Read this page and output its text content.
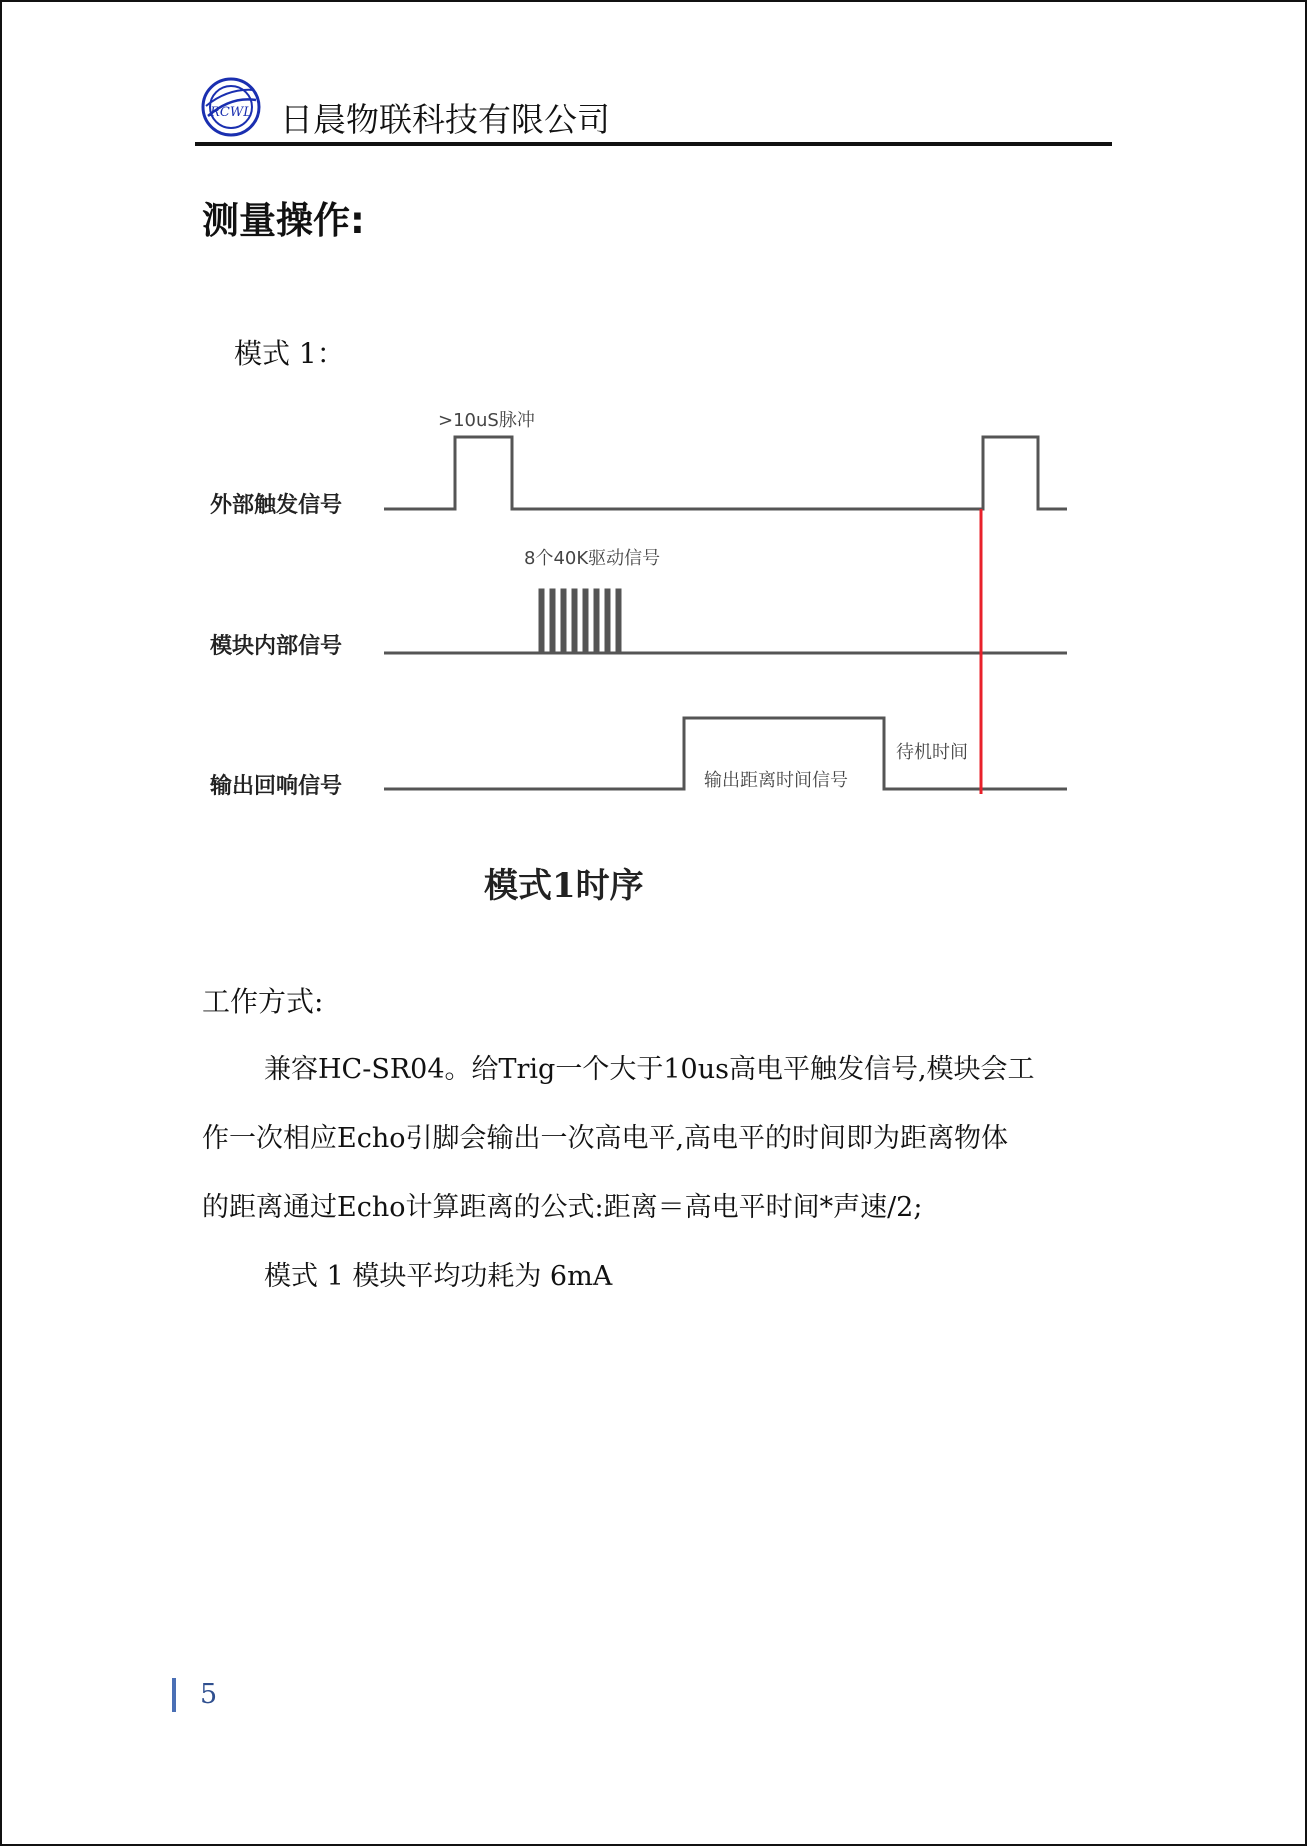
RCWL 日晨物联科技有限公司
测量操作:
模式 1：
外部触发信号
模块内部信号
输出回响信号
>10uS脉冲
8个40K驱动信号
输出距离时间信号
待机时间
模式1时序
工作方式:
兼容HC-SR04。给Trig一个大于10us高电平触发信号,模块会工
作一次相应Echo引脚会输出一次高电平,高电平的时间即为距离物体
的距离通过Echo计算距离的公式:距离＝高电平时间*声速/2;
模式 1 模块平均功耗为 6mA
5
